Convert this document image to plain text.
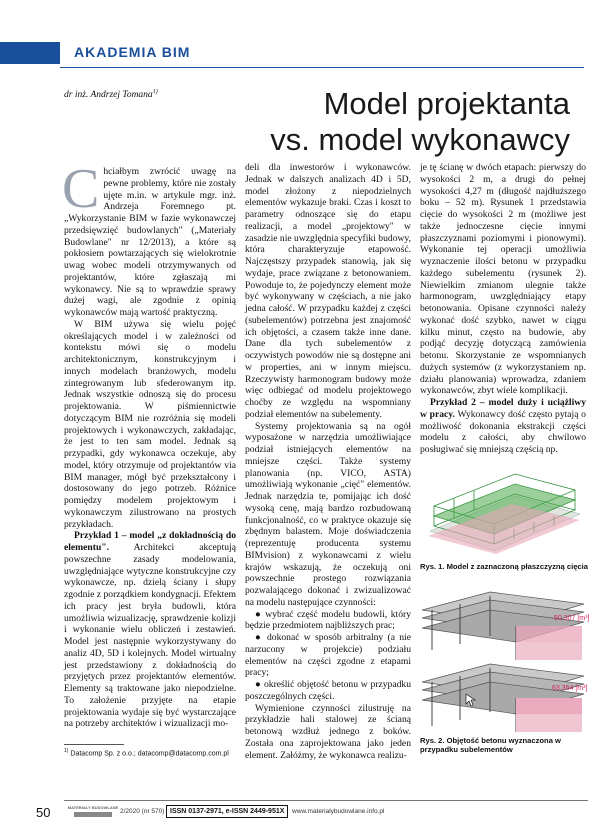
AKADEMIA BIM
dr inż. Andrzej Tomana$^{1)}$	Model projektanta
vs. model wykonawcy
C hciałbym zwrócić uwagę na pewne problemy, które nie zostały ujęte m.in. w artykule mgr. inż. Andrzeja Foremnego pt. „Wykorzystanie BIM w fazie wykonawczej przedsięwzięć budowlanych" („Materiały Budowlane" nr 12/2013), a które są pokłosiem powtarzających się wielokrotnie uwag wobec modeli otrzymywanych od projektantów, które zgłaszają mi wykonawcy. Nie są to wprawdzie sprawy dużej wagi, ale zgodnie z opinią wykonawców mają wartość praktyczną.

W BIM używa się wielu pojęć określających model i w zależności od kontekstu mówi się o modelu architektonicznym, konstrukcyjnym i innych modelach branżowych, modelu zintegrowanym lub sfederowanym itp. Jednak wszystkie odnoszą się do procesu projektowania. W piśmiennictwie dotyczącym BIM nie rozróżnia się modeli projektowych i wykonawczych, zakładając, że jest to ten sam model. Jednak są przypadki, gdy wykonawca oczekuje, aby model, który otrzymuje od projektantów via BIM manager, mógł być przekształcony i dostosowany do jego potrzeb. Różnice pomiędzy modelem projektowym i wykonawczym zilustrowano na prostych przykładach.

Przykład 1 – model „z dokładnością do elementu". Architekci akceptują powszechne zasady modelowania, uwzględniające wytyczne konstrukcyjne czy wykonawcze, np. dzielą ściany i słupy zgodnie z porządkiem kondygnacji. Efektem ich pracy jest bryła budowli, która umożliwia wizualizację, sprawdzenie kolizji i wykonanie wielu obliczeń i zestawień. Model jest następnie wykorzystywany do analiz 4D, 5D i kolejnych. Model wirtualny jest przedstawiony z dokładnością do przyjętych przez projektantów elementów. Elementy są traktowane jako niepodzielne. To założenie przyjęte na etapie projektowania wydaje się być wystarczające na potrzeby architektów i wizualizacji mo-

deli dla inwestorów i wykonawców. Jednak w dalszych analizach 4D i 5D, model złożony z niepodzielnych elementów wykazuje braki. Czas i koszt to parametry odnoszące się do etapu realizacji, a model „projektowy" w zasadzie nie uwzględnia specyfiki budowy, która charakteryzuje etapowość. Najczęstszy przypadek stanowią, jak się wydaje, prace związane z betonowaniem. Powoduje to, że pojedynczy element może być wykonywany w częściach, a nie jako jedna całość. W przypadku każdej z części (subelementów) potrzebna jest znajomość ich objętości, a czasem także inne dane. Dane dla tych subelementów z oczywistych powodów nie są dostępne ani w properties, ani w innym miejscu. Rzeczywisty harmonogram budowy może więc odbiegać od modelu projektowego choćby ze względu na wspomniany podział elementów na subelementy.

Systemy projektowania są na ogół wyposażone w narzędzia umożliwiające podział istniejących elementów na mniejsze części. Także systemy planowania (np. VICO, ASTA) umożliwiają wykonanie „cięć" elementów. Jednak narzędzia te, pomijając ich dość wysoką cenę, mają bardzo rozbudowaną funkcjonalność, co w praktyce okazuje się zbędnym balastem. Moje doświadczenia (reprezentuję producenta systemu BIMvision) z wykonawcami z wielu krajów wskazują, że oczekują oni powszechnie prostego rozwiązania pozwalającego dokonać i zwizualizować na modelu następujące czynności:

● wybrać część modelu budowli, który będzie przedmiotem najbliższych prac;

● dokonać w sposób arbitralny (a nie narzucony w projekcie) podziału elementów na części zgodne z etapami pracy;

● określić objętość betonu w przypadku poszczególnych części.

Wymienione czynności zilustruję na przykładzie hali stalowej ze ścianą betonową wzdłuż jednego z boków. Została ona zaprojektowana jako jeden element. Załóżmy, że wykonawca realizu-

je tę ścianę w dwóch etapach: pierwszy do wysokości 2 m, a drugi do pełnej wysokości 4,27 m (długość najdłuższego boku – 52 m). Rysunek 1 przedstawia cięcie do wysokości 2 m (możliwe jest także jednoczesne cięcie innymi płaszczyznami poziomymi i pionowymi). Wykonanie tej operacji umożliwia wyznaczenie ilości betonu w przypadku każdego subelementu (rysunek 2). Niewielkim zmianom ulegnie także harmonogram, uwzględniający etapy betonowania. Opisane czynności należy wykonać dość szybko, nawet w ciągu kilku minut, często na budowie, aby podjąć decyzję dotyczącą zamówienia betonu. Skorzystanie ze wspomnianych dużych systemów (z wykorzystaniem np. działu planowania) wprowadza, zdaniem wykonawców, zbyt wiele komplikacji.

Przykład 2 – model duży i uciążliwy w pracy. Wykonawcy dość często pytają o możliwość dokonania ekstrakcji części modelu z całości, aby chwilowo posługiwać się mniejszą częścią np.

Rys. 1. Model z zaznaczoną płaszczyzną cięcia
50.307 [m³]
63.354 [m³]
Rys. 2. Objętość betonu wyznaczona w przypadku subelementów
$^{1)}$ Datacomp Sp. z o.o.; datacomp@datacomp.com.pl
50	MATERIAŁY BUDOWLANE
2/2020 (nr 570) ISSN 0137-2971, e-ISSN 2449-951X	www.materialybudowlane.info.pl
